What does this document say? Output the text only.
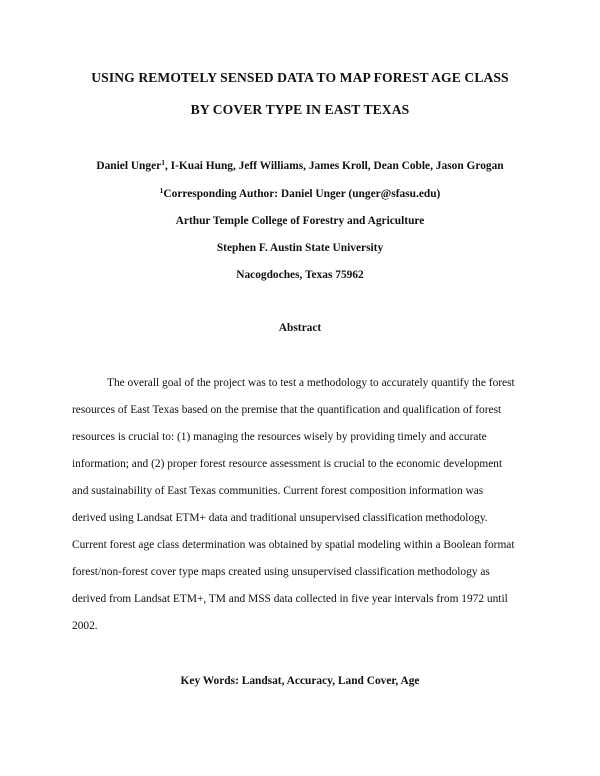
USING REMOTELY SENSED DATA TO MAP FOREST AGE CLASS
BY COVER TYPE IN EAST TEXAS
Daniel Unger$^1$, I-Kuai Hung, Jeff Williams, James Kroll, Dean Coble, Jason Grogan
$^1$Corresponding Author: Daniel Unger (unger@sfasu.edu)
Arthur Temple College of Forestry and Agriculture
Stephen F. Austin State University
Nacogdoches, Texas 75962
Abstract
The overall goal of the project was to test a methodology to accurately quantify the forest
resources of East Texas based on the premise that the quantification and qualification of forest
resources is crucial to: (1) managing the resources wisely by providing timely and accurate
information; and (2) proper forest resource assessment is crucial to the economic development
and sustainability of East Texas communities. Current forest composition information was
derived using Landsat ETM+ data and traditional unsupervised classification methodology.
Current forest age class determination was obtained by spatial modeling within a Boolean format
forest/non-forest cover type maps created using unsupervised classification methodology as
derived from Landsat ETM+, TM and MSS data collected in five year intervals from 1972 until
2002.
Key Words: Landsat, Accuracy, Land Cover, Age
